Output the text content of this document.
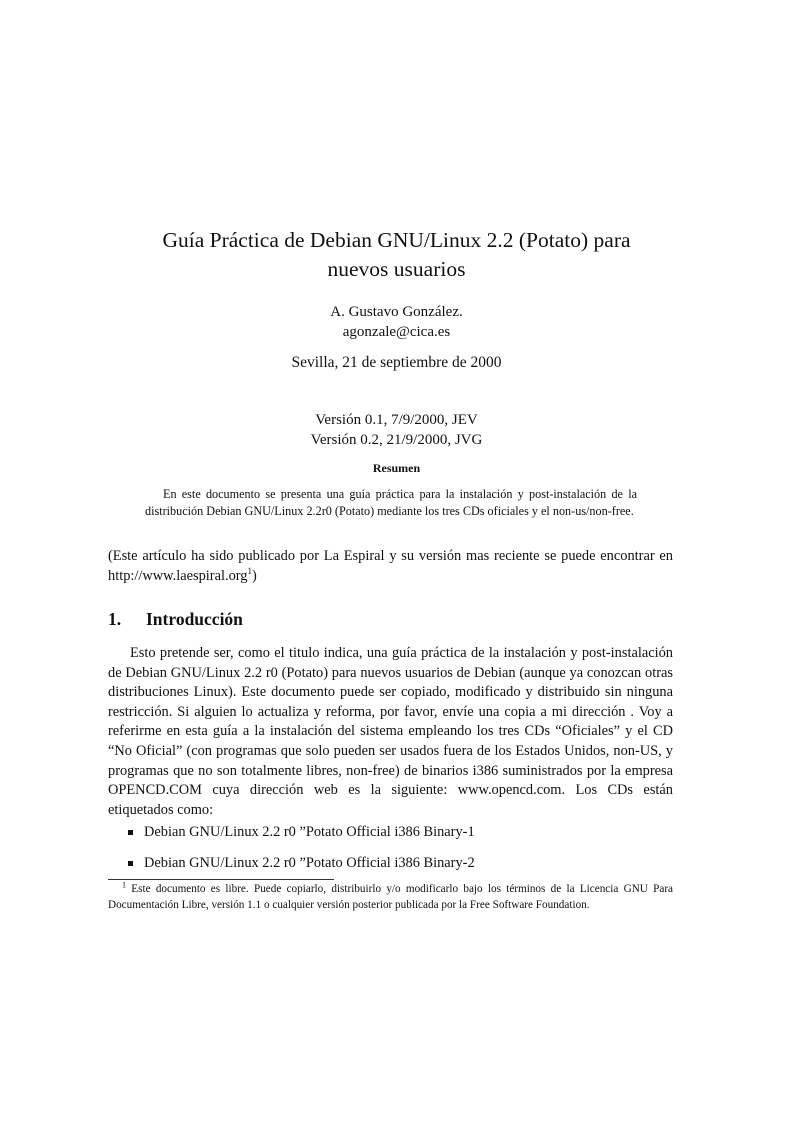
Guía Práctica de Debian GNU/Linux 2.2 (Potato) para
nuevos usuarios
A. Gustavo González.
agonzale@cica.es
Sevilla, 21 de septiembre de 2000
Versión 0.1, 7/9/2000, JEV
Versión 0.2, 21/9/2000, JVG
Resumen
En este documento se presenta una guía práctica para la instalación y post-instalación de la distribución Debian GNU/Linux 2.2r0 (Potato) mediante los tres CDs oficiales y el non-us/non-free.
(Este artículo ha sido publicado por La Espiral y su versión mas reciente se puede encontrar en http://www.laespiral.org$^1$)
1. Introducción
Esto pretende ser, como el titulo indica, una guía práctica de la instalación y post-instalación de Debian GNU/Linux 2.2 r0 (Potato) para nuevos usuarios de Debian (aunque ya conozcan otras distribuciones Linux). Este documento puede ser copiado, modificado y distribuido sin ninguna restricción. Si alguien lo actualiza y reforma, por favor, envíe una copia a mi dirección . Voy a referirme en esta guía a la instalación del sistema empleando los tres CDs “Oficiales” y el CD “No Oficial” (con programas que solo pueden ser usados fuera de los Estados Unidos, non-US, y programas que no son totalmente libres, non-free) de binarios i386 suministrados por la empresa OPENCD.COM cuya dirección web es la siguiente: www.opencd.com. Los CDs están etiquetados como:
Debian GNU/Linux 2.2 r0 ”Potato Official i386 Binary-1
Debian GNU/Linux 2.2 r0 ”Potato Official i386 Binary-2
$^1$ Este documento es libre. Puede copiarlo, distribuirlo y/o modificarlo bajo los términos de la Licencia GNU Para Documentación Libre, versión 1.1 o cualquier versión posterior publicada por la Free Software Foundation.
